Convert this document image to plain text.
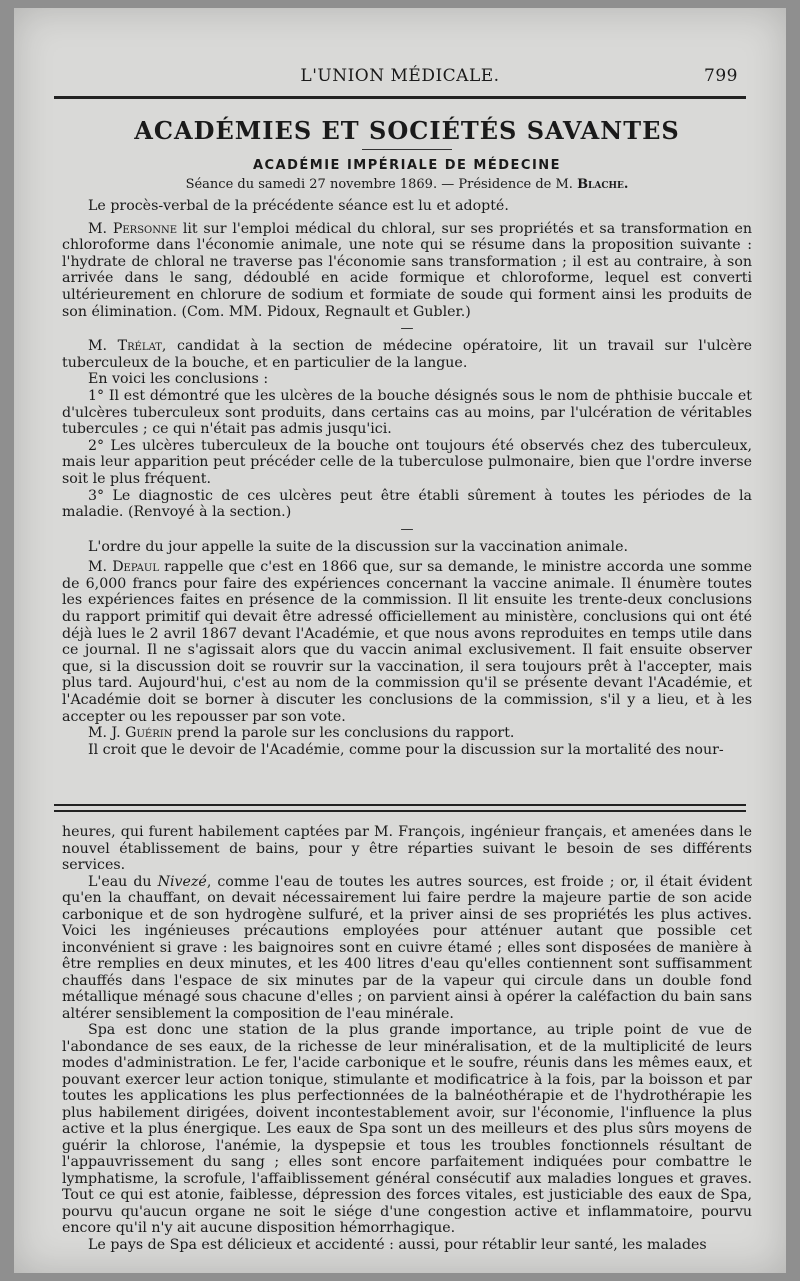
L'UNION MÉDICALE.	799
ACADÉMIES ET SOCIÉTÉS SAVANTES
ACADÉMIE IMPÉRIALE DE MÉDECINE
Séance du samedi 27 novembre 1869. — Présidence de M. Blache.

Le procès-verbal de la précédente séance est lu et adopté.

M. Personne lit sur l'emploi médical du chloral, sur ses propriétés et sa transformation en chloroforme dans l'économie animale, une note qui se résume dans la proposition suivante : l'hydrate de chloral ne traverse pas l'économie sans transformation ; il est au contraire, à son arrivée dans le sang, dédoublé en acide formique et chloroforme, lequel est converti ultérieurement en chlorure de sodium et formiate de soude qui forment ainsi les produits de son élimination. (Com. MM. Pidoux, Regnault et Gubler.)

—

M. Trélat, candidat à la section de médecine opératoire, lit un travail sur l'ulcère tuberculeux de la bouche, et en particulier de la langue.

En voici les conclusions :

1° Il est démontré que les ulcères de la bouche désignés sous le nom de phthisie buccale et d'ulcères tuberculeux sont produits, dans certains cas au moins, par l'ulcération de véritables tubercules ; ce qui n'était pas admis jusqu'ici.

2° Les ulcères tuberculeux de la bouche ont toujours été observés chez des tuberculeux, mais leur apparition peut précéder celle de la tuberculose pulmonaire, bien que l'ordre inverse soit le plus fréquent.

3° Le diagnostic de ces ulcères peut être établi sûrement à toutes les périodes de la maladie. (Renvoyé à la section.)

—

L'ordre du jour appelle la suite de la discussion sur la vaccination animale.

M. Depaul rappelle que c'est en 1866 que, sur sa demande, le ministre accorda une somme de 6,000 francs pour faire des expériences concernant la vaccine animale. Il énumère toutes les expériences faites en présence de la commission. Il lit ensuite les trente-deux conclusions du rapport primitif qui devait être adressé officiellement au ministère, conclusions qui ont été déjà lues le 2 avril 1867 devant l'Académie, et que nous avons reproduites en temps utile dans ce journal. Il ne s'agissait alors que du vaccin animal exclusivement. Il fait ensuite observer que, si la discussion doit se rouvrir sur la vaccination, il sera toujours prêt à l'accepter, mais plus tard. Aujourd'hui, c'est au nom de la commission qu'il se présente devant l'Académie, et l'Académie doit se borner à discuter les conclusions de la commission, s'il y a lieu, et à les accepter ou les repousser par son vote.

M. J. Guérin prend la parole sur les conclusions du rapport.

Il croit que le devoir de l'Académie, comme pour la discussion sur la mortalité des nour-

heures, qui furent habilement captées par M. François, ingénieur français, et amenées dans le nouvel établissement de bains, pour y être réparties suivant le besoin de ses différents services.

L'eau du Nivezé, comme l'eau de toutes les autres sources, est froide ; or, il était évident qu'en la chauffant, on devait nécessairement lui faire perdre la majeure partie de son acide carbonique et de son hydrogène sulfuré, et la priver ainsi de ses propriétés les plus actives. Voici les ingénieuses précautions employées pour atténuer autant que possible cet inconvénient si grave : les baignoires sont en cuivre étamé ; elles sont disposées de manière à être remplies en deux minutes, et les 400 litres d'eau qu'elles contiennent sont suffisamment chauffés dans l'espace de six minutes par de la vapeur qui circule dans un double fond métallique ménagé sous chacune d'elles ; on parvient ainsi à opérer la caléfaction du bain sans altérer sensiblement la composition de l'eau minérale.

Spa est donc une station de la plus grande importance, au triple point de vue de l'abondance de ses eaux, de la richesse de leur minéralisation, et de la multiplicité de leurs modes d'administration. Le fer, l'acide carbonique et le soufre, réunis dans les mêmes eaux, et pouvant exercer leur action tonique, stimulante et modificatrice à la fois, par la boisson et par toutes les applications les plus perfectionnées de la balnéothérapie et de l'hydrothérapie les plus habilement dirigées, doivent incontestablement avoir, sur l'économie, l'influence la plus active et la plus énergique. Les eaux de Spa sont un des meilleurs et des plus sûrs moyens de guérir la chlorose, l'anémie, la dyspepsie et tous les troubles fonctionnels résultant de l'appauvrissement du sang ; elles sont encore parfaitement indiquées pour combattre le lymphatisme, la scrofule, l'affaiblissement général consécutif aux maladies longues et graves. Tout ce qui est atonie, faiblesse, dépression des forces vitales, est justiciable des eaux de Spa, pourvu qu'aucun organe ne soit le siége d'une congestion active et inflammatoire, pourvu encore qu'il n'y ait aucune disposition hémorrhagique.

Le pays de Spa est délicieux et accidenté : aussi, pour rétablir leur santé, les malades
